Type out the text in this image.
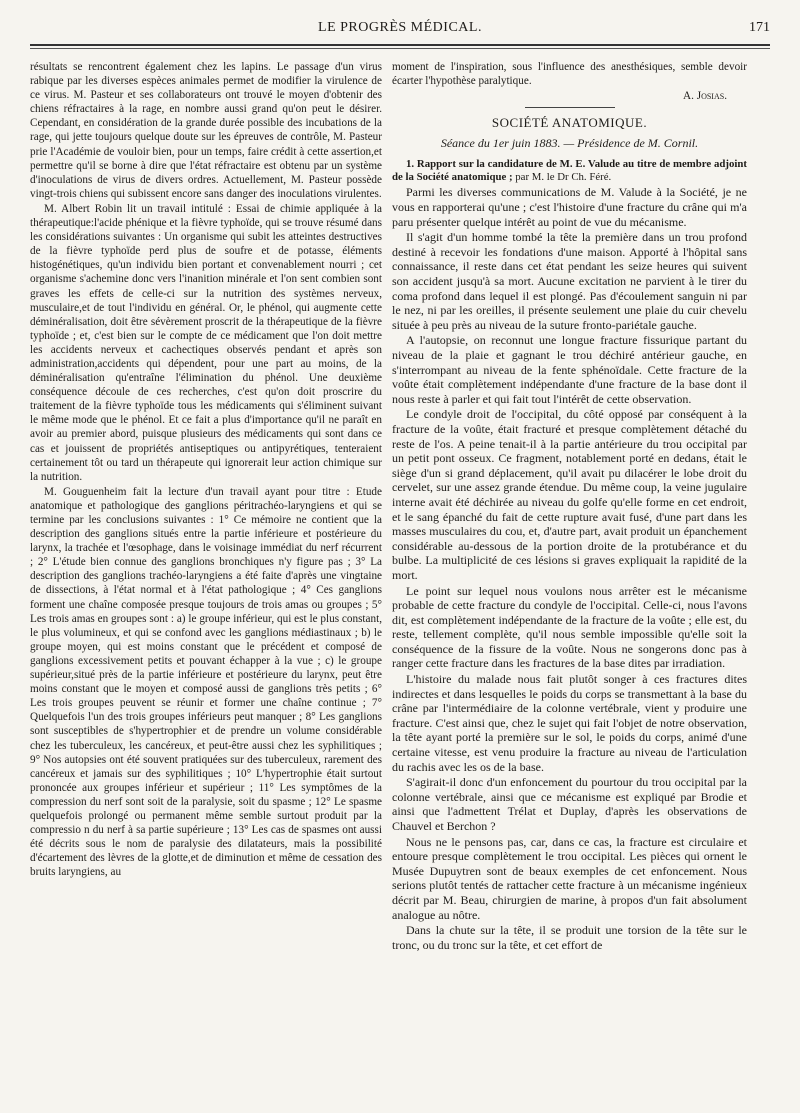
LE PROGRÈS MÉDICAL.	171

résultats se rencontrent également chez les lapins. Le passage d'un virus rabique par les diverses espèces animales permet de modifier la virulence de ce virus. M. Pasteur et ses collaborateurs ont trouvé le moyen d'obtenir des chiens réfractaires à la rage, en nombre aussi grand qu'on peut le désirer. Cependant, en considération de la grande durée possible des incubations de la rage, qui jette toujours quelque doute sur les épreuves de contrôle, M. Pasteur prie l'Académie de vouloir bien, pour un temps, faire crédit à cette assertion,et permettre qu'il se borne à dire que l'état réfractaire est obtenu par un système d'inoculations de virus de divers ordres. Actuellement, M. Pasteur possède vingt-trois chiens qui subissent encore sans danger des inoculations virulentes.

M. Albert Robin lit un travail intitulé : Essai de chimie appliquée à la thérapeutique:l'acide phénique et la fièvre typhoïde, qui se trouve résumé dans les considérations suivantes : Un organisme qui subit les atteintes destructives de la fièvre typhoïde perd plus de soufre et de potasse, éléments histogénétiques, qu'un individu bien portant et convenablement nourri ; cet organisme s'achemine donc vers l'inanition minérale et l'on sent combien sont graves les effets de celle-ci sur la nutrition des systèmes nerveux, musculaire,et de tout l'individu en général. Or, le phénol, qui augmente cette déminéralisation, doit être sévèrement proscrit de la thérapeutique de la fièvre typhoïde ; et, c'est bien sur le compte de ce médicament que l'on doit mettre les accidents nerveux et cachectiques observés pendant et après son administration,accidents qui dépendent, pour une part au moins, de la déminéralisation qu'entraîne l'élimination du phénol. Une deuxième conséquence découle de ces recherches, c'est qu'on doit proscrire du traitement de la fièvre typhoïde tous les médicaments qui s'éliminent suivant le même mode que le phénol. Et ce fait a plus d'importance qu'il ne paraît en avoir au premier abord, puisque plusieurs des médicaments qui sont dans ce cas et jouissent de propriétés antiseptiques ou antipyrétiques, tenteraient certainement tôt ou tard un thérapeute qui ignorerait leur action chimique sur la nutrition.

M. Gouguenheim fait la lecture d'un travail ayant pour titre : Etude anatomique et pathologique des ganglions péritrachéo-laryngiens et qui se termine par les conclusions suivantes : 1° Ce mémoire ne contient que la description des ganglions situés entre la partie inférieure et postérieure du larynx, la trachée et l'œsophage, dans le voisinage immédiat du nerf récurrent ; 2° L'étude bien connue des ganglions bronchiques n'y figure pas ; 3° La description des ganglions trachéo-laryngiens a été faite d'après une vingtaine de dissections, à l'état normal et à l'état pathologique ; 4° Ces ganglions forment une chaîne composée presque toujours de trois amas ou groupes ; 5° Les trois amas en groupes sont : a) le groupe inférieur, qui est le plus constant, le plus volumineux, et qui se confond avec les ganglions médiastinaux ; b) le groupe moyen, qui est moins constant que le précédent et composé de ganglions excessivement petits et pouvant échapper à la vue ; c) le groupe supérieur,situé près de la partie inférieure et postérieure du larynx, peut être moins constant que le moyen et composé aussi de ganglions très petits ; 6° Les trois groupes peuvent se réunir et former une chaîne continue ; 7° Quelquefois l'un des trois groupes inférieurs peut manquer ; 8° Les ganglions sont susceptibles de s'hypertrophier et de prendre un volume considérable chez les tuberculeux, les cancéreux, et peut-être aussi chez les syphilitiques ; 9° Nos autopsies ont été souvent pratiquées sur des tuberculeux, rarement des cancéreux et jamais sur des syphilitiques ; 10° L'hypertrophie était surtout prononcée aux groupes inférieur et supérieur ; 11° Les symptômes de la compression du nerf sont soit de la paralysie, soit du spasme ; 12° Le spasme quelquefois prolongé ou permanent même semble surtout produit par la compressio n du nerf à sa partie supérieure ; 13° Les cas de spasmes ont aussi été décrits sous le nom de paralysie des dilatateurs, mais la possibilité d'écartement des lèvres de la glotte,et de diminution et même de cessation des bruits laryngiens, au

moment de l'inspiration, sous l'influence des anesthésiques, semble devoir écarter l'hypothèse paralytique.

A. Josias.
SOCIÉTÉ ANATOMIQUE.
Séance du 1er juin 1883. — Présidence de M. Cornil.

1. Rapport sur la candidature de M. E. Valude au titre de membre adjoint de la Société anatomique ; par M. le Dr Ch. Féré.

Parmi les diverses communications de M. Valude à la Société, je ne vous en rapporterai qu'une ; c'est l'histoire d'une fracture du crâne qui m'a paru présenter quelque intérêt au point de vue du mécanisme.

Il s'agit d'un homme tombé la tête la première dans un trou profond destiné à recevoir les fondations d'une maison. Apporté à l'hôpital sans connaissance, il reste dans cet état pendant les seize heures qui suivent son accident jusqu'à sa mort. Aucune excitation ne parvient à le tirer du coma profond dans lequel il est plongé. Pas d'écoulement sanguin ni par le nez, ni par les oreilles, il présente seulement une plaie du cuir chevelu située à peu près au niveau de la suture fronto-pariétale gauche.

A l'autopsie, on reconnut une longue fracture fissurique partant du niveau de la plaie et gagnant le trou déchiré antérieur gauche, en s'interrompant au niveau de la fente sphénoïdale. Cette fracture de la voûte était complètement indépendante d'une fracture de la base dont il nous reste à parler et qui fait tout l'intérêt de cette observation.

Le condyle droit de l'occipital, du côté opposé par conséquent à la fracture de la voûte, était fracturé et presque complètement détaché du reste de l'os. A peine tenait-il à la partie antérieure du trou occipital par un petit pont osseux. Ce fragment, notablement porté en dedans, était le siège d'un si grand déplacement, qu'il avait pu dilacérer le lobe droit du cervelet, sur une assez grande étendue. Du même coup, la veine jugulaire interne avait été déchirée au niveau du golfe qu'elle forme en cet endroit, et le sang épanché du fait de cette rupture avait fusé, d'une part dans les masses musculaires du cou, et, d'autre part, avait produit un épanchement considérable au-dessous de la portion droite de la protubérance et du bulbe. La multiplicité de ces lésions si graves expliquait la rapidité de la mort.

Le point sur lequel nous voulons nous arrêter est le mécanisme probable de cette fracture du condyle de l'occipital. Celle-ci, nous l'avons dit, est complètement indépendante de la fracture de la voûte ; elle est, du reste, tellement complète, qu'il nous semble impossible qu'elle soit la conséquence de la fissure de la voûte. Nous ne songerons donc pas à ranger cette fracture dans les fractures de la base dites par irradiation.

L'histoire du malade nous fait plutôt songer à ces fractures dites indirectes et dans lesquelles le poids du corps se transmettant à la base du crâne par l'intermédiaire de la colonne vertébrale, vient y produire une fracture. C'est ainsi que, chez le sujet qui fait l'objet de notre observation, la tête ayant porté la première sur le sol, le poids du corps, animé d'une certaine vitesse, est venu produire la fracture au niveau de l'articulation du rachis avec les os de la base.

S'agirait-il donc d'un enfoncement du pourtour du trou occipital par la colonne vertébrale, ainsi que ce mécanisme est expliqué par Brodie et ainsi que l'admettent Trélat et Duplay, d'après les observations de Chauvel et Berchon ?

Nous ne le pensons pas, car, dans ce cas, la fracture est circulaire et entoure presque complètement le trou occipital. Les pièces qui ornent le Musée Dupuytren sont de beaux exemples de cet enfoncement. Nous serions plutôt tentés de rattacher cette fracture à un mécanisme ingénieux décrit par M. Beau, chirurgien de marine, à propos d'un fait absolument analogue au nôtre.

Dans la chute sur la tête, il se produit une torsion de la tête sur le tronc, ou du tronc sur la tête, et cet effort de
